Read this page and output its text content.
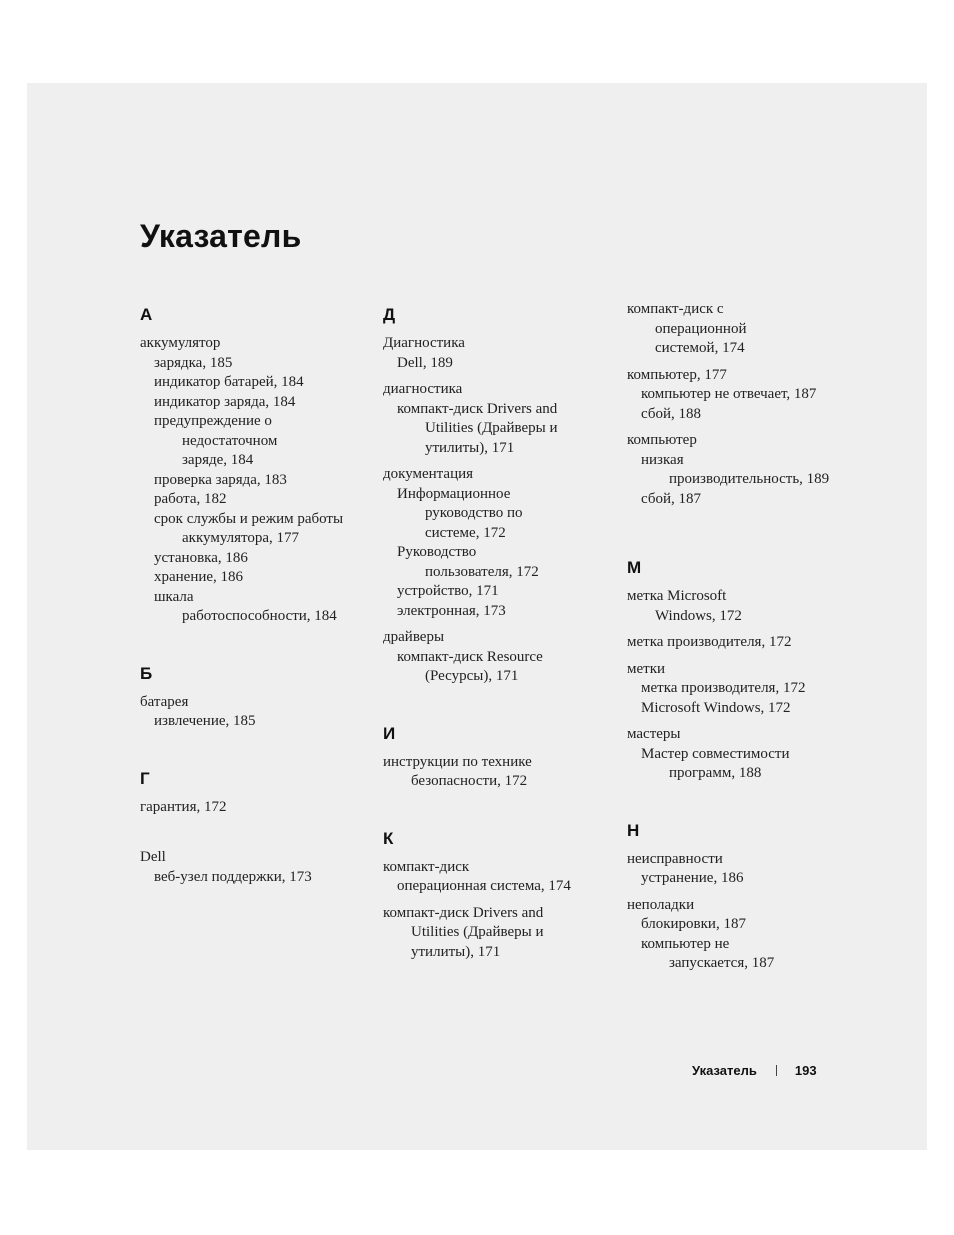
Указатель
А
аккумулятор
зарядка, 185
индикатор батарей, 184
индикатор заряда, 184
предупреждение о
недостаточном
заряде, 184
проверка заряда, 183
работа, 182
срок службы и режим работы
аккумулятора, 177
установка, 186
хранение, 186
шкала
работоспособности, 184
Б
батарея
извлечение, 185
Г
гарантия, 172
Dell
веб-узел поддержки, 173
Д
Диагностика
Dell, 189
диагностика
компакт-диск Drivers and
Utilities (Драйверы и
утилиты), 171
документация
Информационное
руководство по
системе, 172
Руководство
пользователя, 172
устройство, 171
электронная, 173
драйверы
компакт-диск Resource
(Ресурсы), 171
И
инструкции по технике
безопасности, 172
К
компакт-диск
операционная система, 174
компакт-диск Drivers and
Utilities (Драйверы и
утилиты), 171
компакт-диск с
операционной
системой, 174
компьютер, 177
компьютер не отвечает, 187
сбой, 188
компьютер
низкая
производительность, 189
сбой, 187
М
метка Microsoft
Windows, 172
метка производителя, 172
метки
метка производителя, 172
Microsoft Windows, 172
мастеры
Мастер совместимости
программ, 188
Н
неисправности
устранение, 186
неполадки
блокировки, 187
компьютер не
запускается, 187
Указатель	193
